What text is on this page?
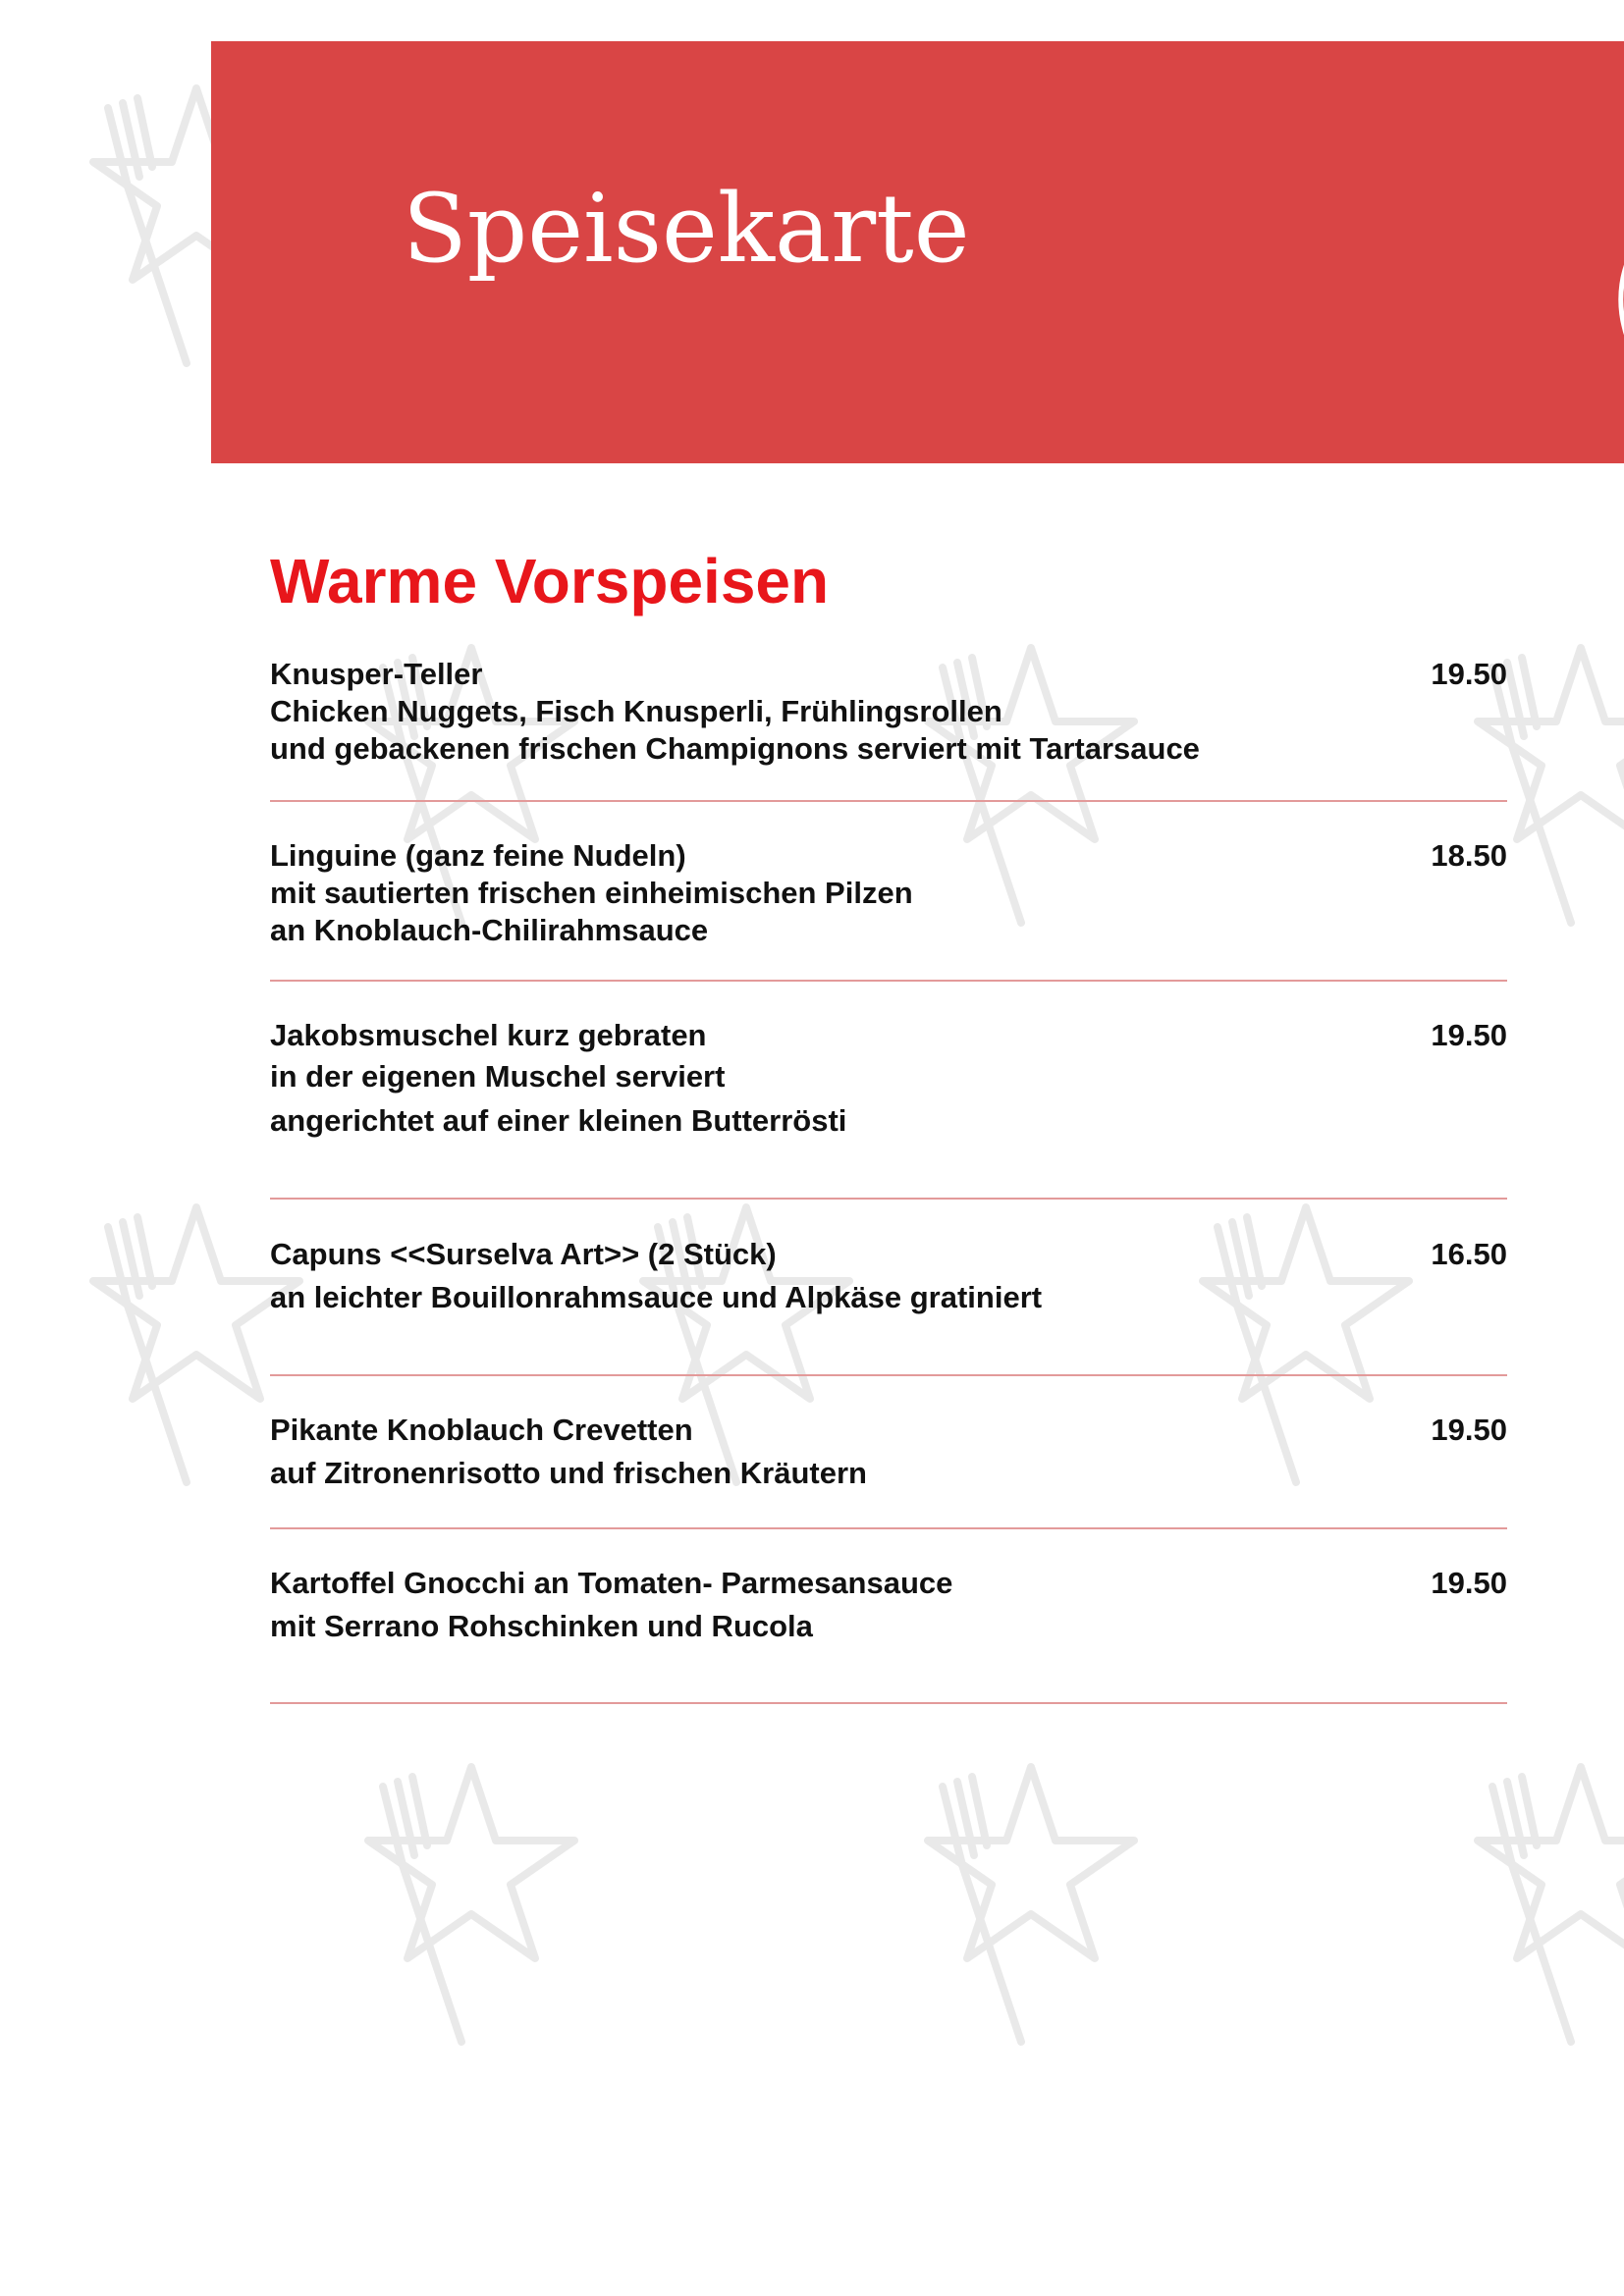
Speisekarte
Warme Vorspeisen
Knusper-Teller
Chicken Nuggets, Fisch Knusperli, Frühlingsrollen
und gebackenen frischen Champignons serviert mit Tartarsauce
19.50
Linguine (ganz feine Nudeln)
mit sautierten frischen einheimischen Pilzen
an Knoblauch-Chilirahmsauce
18.50
Jakobsmuschel kurz gebraten
in der eigenen Muschel serviert
angerichtet auf einer kleinen Butterrösti
19.50
Capuns <<Surselva Art>> (2 Stück)
an leichter Bouillonrahmsauce und Alpkäse gratiniert
16.50
Pikante Knoblauch Crevetten
auf Zitronenrisotto und frischen Kräutern
19.50
Kartoffel Gnocchi an Tomaten- Parmesansauce
mit Serrano Rohschinken und Rucola
19.50
